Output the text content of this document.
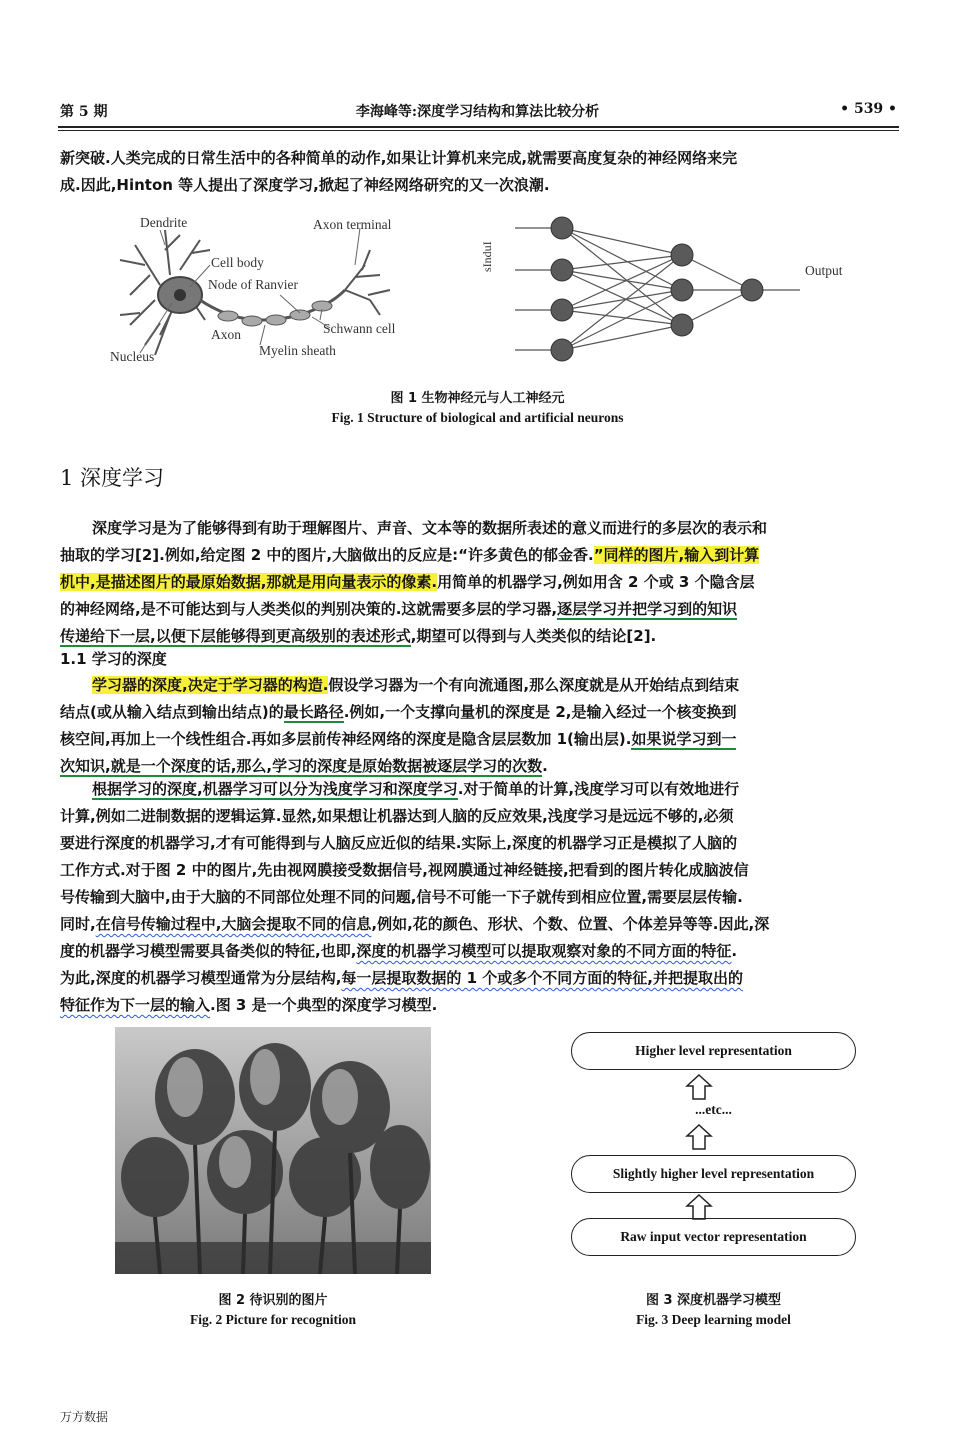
第 5 期	李海峰等:深度学习结构和算法比较分析	• 539 •
新突破.人类完成的日常生活中的各种简单的动作,如果让计算机来完成,就需要高度复杂的神经网络来完
成.因此,Hinton 等人提出了深度学习,掀起了神经网络研究的又一次浪潮.
Dendrite	Axon terminal
Cell body
Node of Ranvier
Axon	Schwann cell
Nucleus	Myelin sheath
sInduI	Output
图 1 生物神经元与人工神经元
Fig. 1 Structure of biological and artificial neurons
1 深度学习
深度学习是为了能够得到有助于理解图片、声音、文本等的数据所表述的意义而进行的多层次的表示和
抽取的学习[2].例如,给定图 2 中的图片,大脑做出的反应是:“许多黄色的郁金香.”同样的图片,输入到计算
机中,是描述图片的最原始数据,那就是用向量表示的像素.用简单的机器学习,例如用含 2 个或 3 个隐含层
的神经网络,是不可能达到与人类类似的判别决策的.这就需要多层的学习器,逐层学习并把学习到的知识
传递给下一层,以便下层能够得到更高级别的表述形式,期望可以得到与人类类似的结论[2].
1.1 学习的深度
学习器的深度,决定于学习器的构造.假设学习器为一个有向流通图,那么深度就是从开始结点到结束
结点(或从输入结点到输出结点)的最长路径.例如,一个支撑向量机的深度是 2,是输入经过一个核变换到
核空间,再加上一个线性组合.再如多层前传神经网络的深度是隐含层层数加 1(输出层).如果说学习到一
次知识,就是一个深度的话,那么,学习的深度是原始数据被逐层学习的次数.
根据学习的深度,机器学习可以分为浅度学习和深度学习.对于简单的计算,浅度学习可以有效地进行
计算,例如二进制数据的逻辑运算.显然,如果想让机器达到人脑的反应效果,浅度学习是远远不够的,必须
要进行深度的机器学习,才有可能得到与人脑反应近似的结果.实际上,深度的机器学习正是模拟了人脑的
工作方式.对于图 2 中的图片,先由视网膜接受数据信号,视网膜通过神经链接,把看到的图片转化成脑波信
号传输到大脑中,由于大脑的不同部位处理不同的问题,信号不可能一下子就传到相应位置,需要层层传输.
同时,在信号传输过程中,大脑会提取不同的信息,例如,花的颜色、形状、个数、位置、个体差异等等.因此,深
度的机器学习模型需要具备类似的特征,也即,深度的机器学习模型可以提取观察对象的不同方面的特征.
为此,深度的机器学习模型通常为分层结构,每一层提取数据的 1 个或多个不同方面的特征,并把提取出的
特征作为下一层的输入.图 3 是一个典型的深度学习模型.
图 2 待识别的图片
Fig. 2 Picture for recognition
Higher level representation
...etc...
Slightly higher level representation
Raw input vector representation
图 3 深度机器学习模型
Fig. 3 Deep learning model
万方数据
